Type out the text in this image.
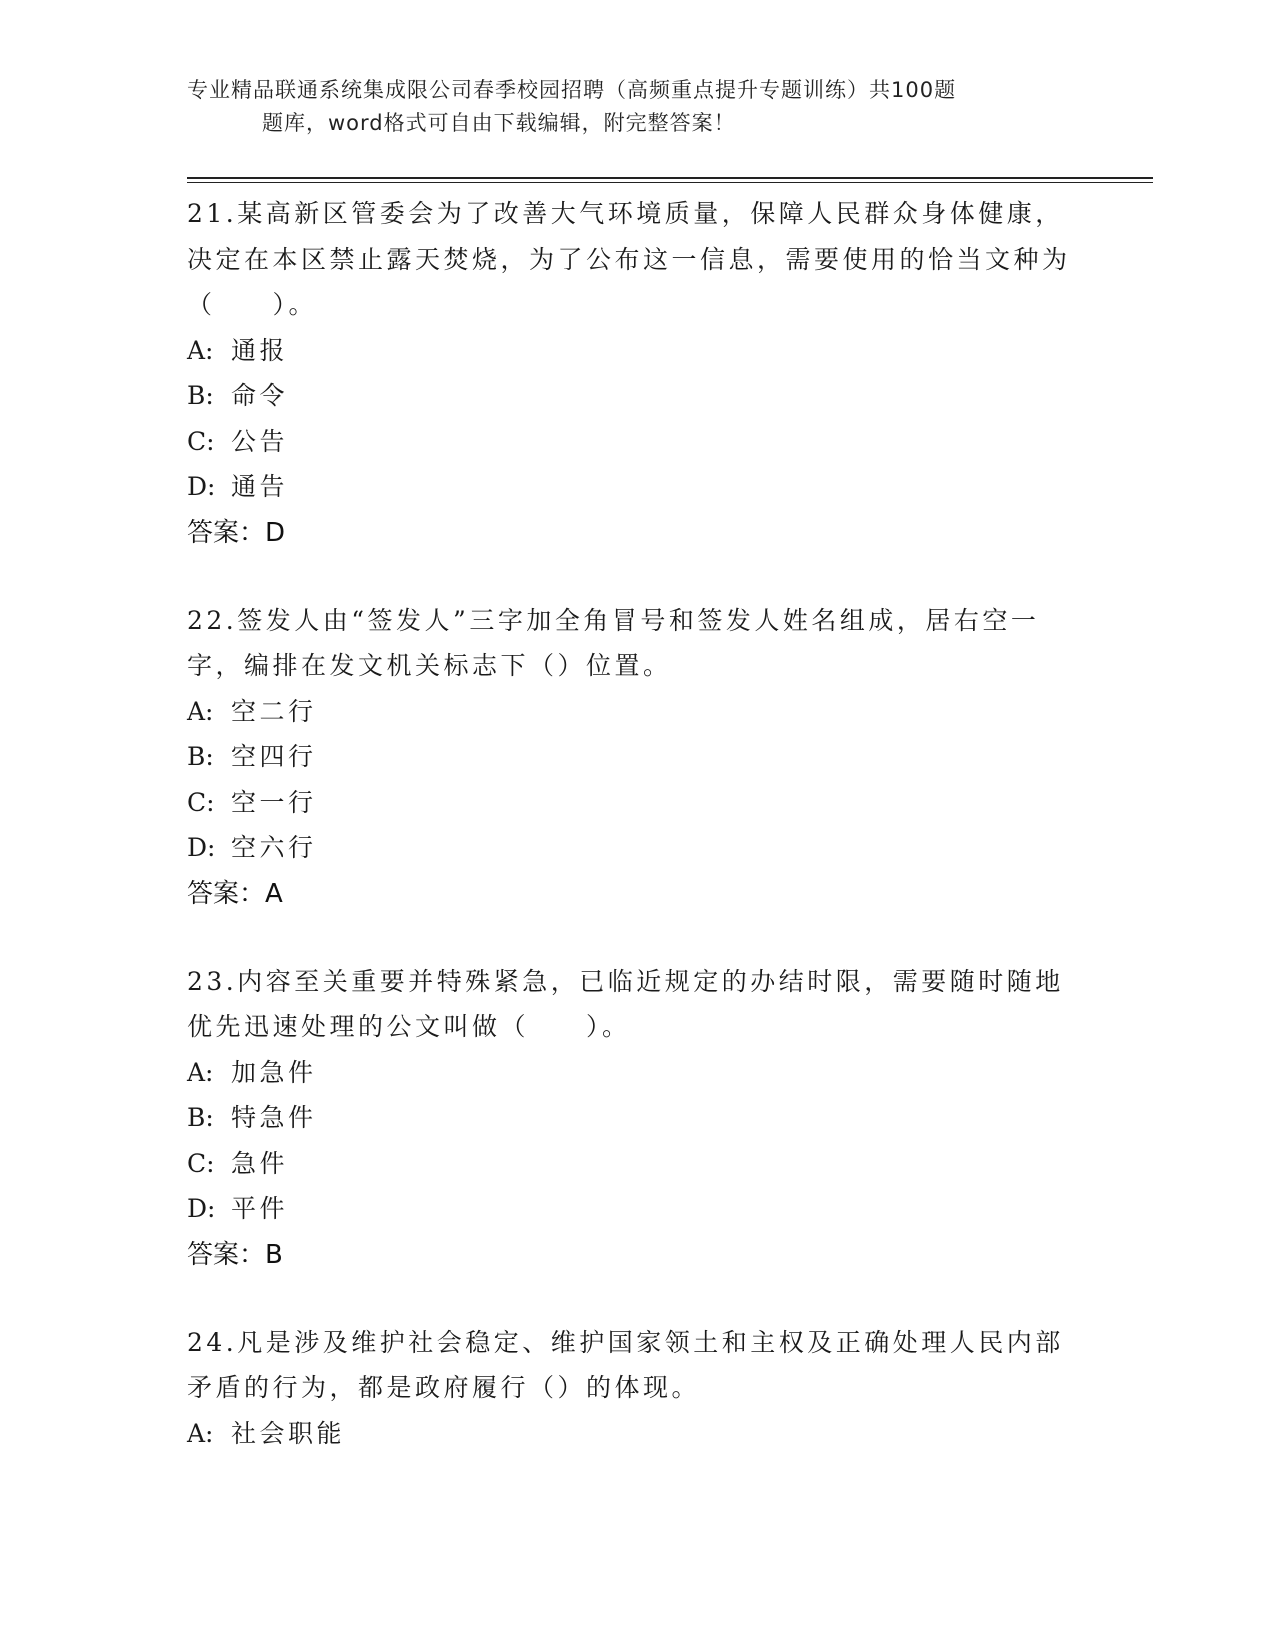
专业精品联通系统集成限公司春季校园招聘（高频重点提升专题训练）共100题
题库，word格式可自由下载编辑，附完整答案！

21.某高新区管委会为了改善大气环境质量，保障人民群众身体健康，决定在本区禁止露天焚烧，为了公布这一信息，需要使用的恰当文种为（　　）。

A: 通报
B: 命令
C: 公告
D: 通告
答案：D

22.签发人由“签发人”三字加全角冒号和签发人姓名组成，居右空一字，编排在发文机关标志下（）位置。

A: 空二行
B: 空四行
C: 空一行
D: 空六行
答案：A

23.内容至关重要并特殊紧急，已临近规定的办结时限，需要随时随地优先迅速处理的公文叫做（　　）。

A: 加急件
B: 特急件
C: 急件
D: 平件
答案：B

24.凡是涉及维护社会稳定、维护国家领土和主权及正确处理人民内部矛盾的行为，都是政府履行（）的体现。

A: 社会职能
